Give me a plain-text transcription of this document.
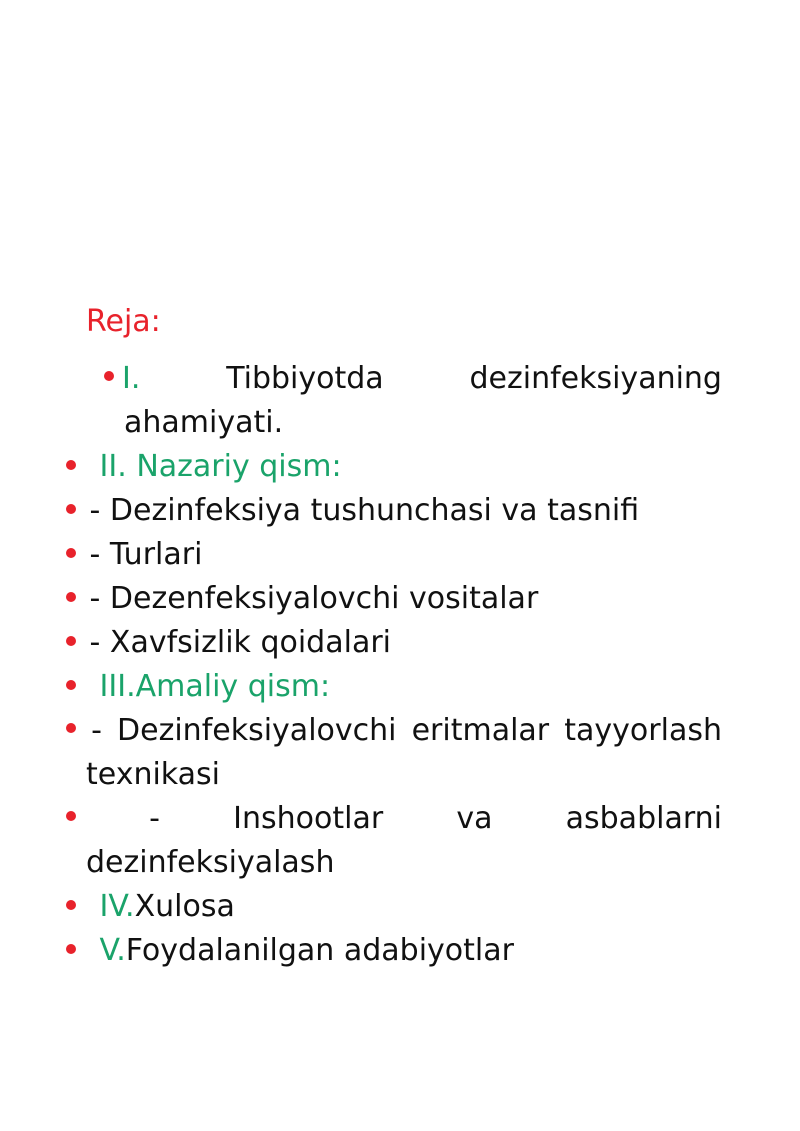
Reja:
I.	Tibbiyotda	dezinfeksiyaning
ahamiyati.
II. Nazariy qism:
- Dezinfeksiya tushunchasi va tasnifi
- Turlari
- Dezenfeksiyalovchi vositalar
- Xavfsizlik qoidalari
III.Amaliy qism:
- Dezinfeksiyalovchi eritmalar tayyorlash
texnikasi
- Inshootlar va asbablarni
dezinfeksiyalash
IV.Xulosa
V.Foydalanilgan adabiyotlar
